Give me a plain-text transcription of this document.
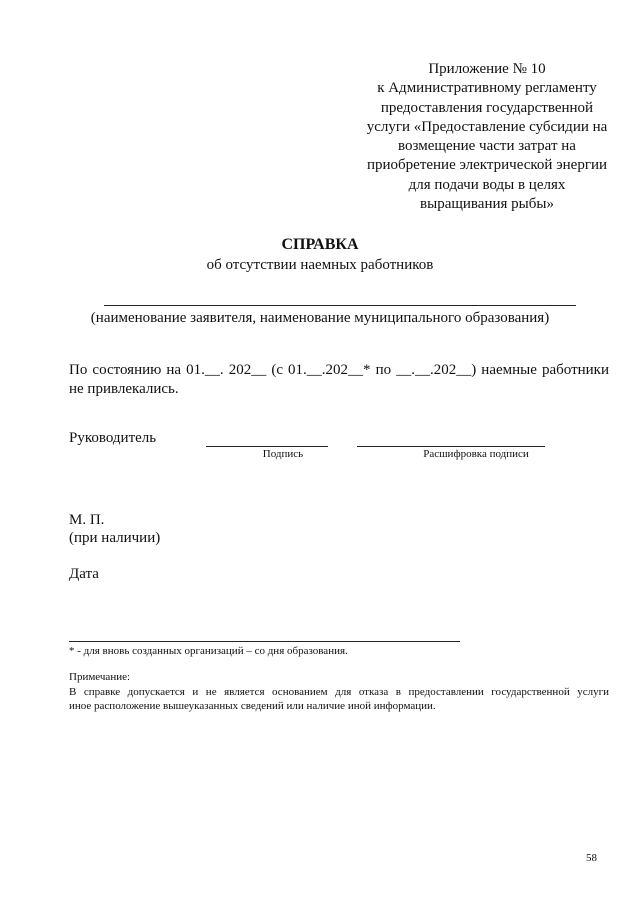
Приложение № 10
к Административному регламенту
предоставления государственной
услуги «Предоставление субсидии на
возмещение части затрат на
приобретение электрической энергии
для подачи воды в целях
выращивания рыбы»
СПРАВКА
об отсутствии наемных работников
(наименование заявителя, наименование муниципального образования)
По состоянию на 01.__. 202__ (с 01.__.202__* по __.__.202__) наемные работники
не привлекались.
Руководитель
Подпись	Расшифровка подписи
М. П.
(при наличии)
Дата
* - для вновь созданных организаций – со дня образования.
Примечание:
В справке допускается и не является основанием для отказа в предоставлении государственной услуги
иное расположение вышеуказанных сведений или наличие иной информации.
58
